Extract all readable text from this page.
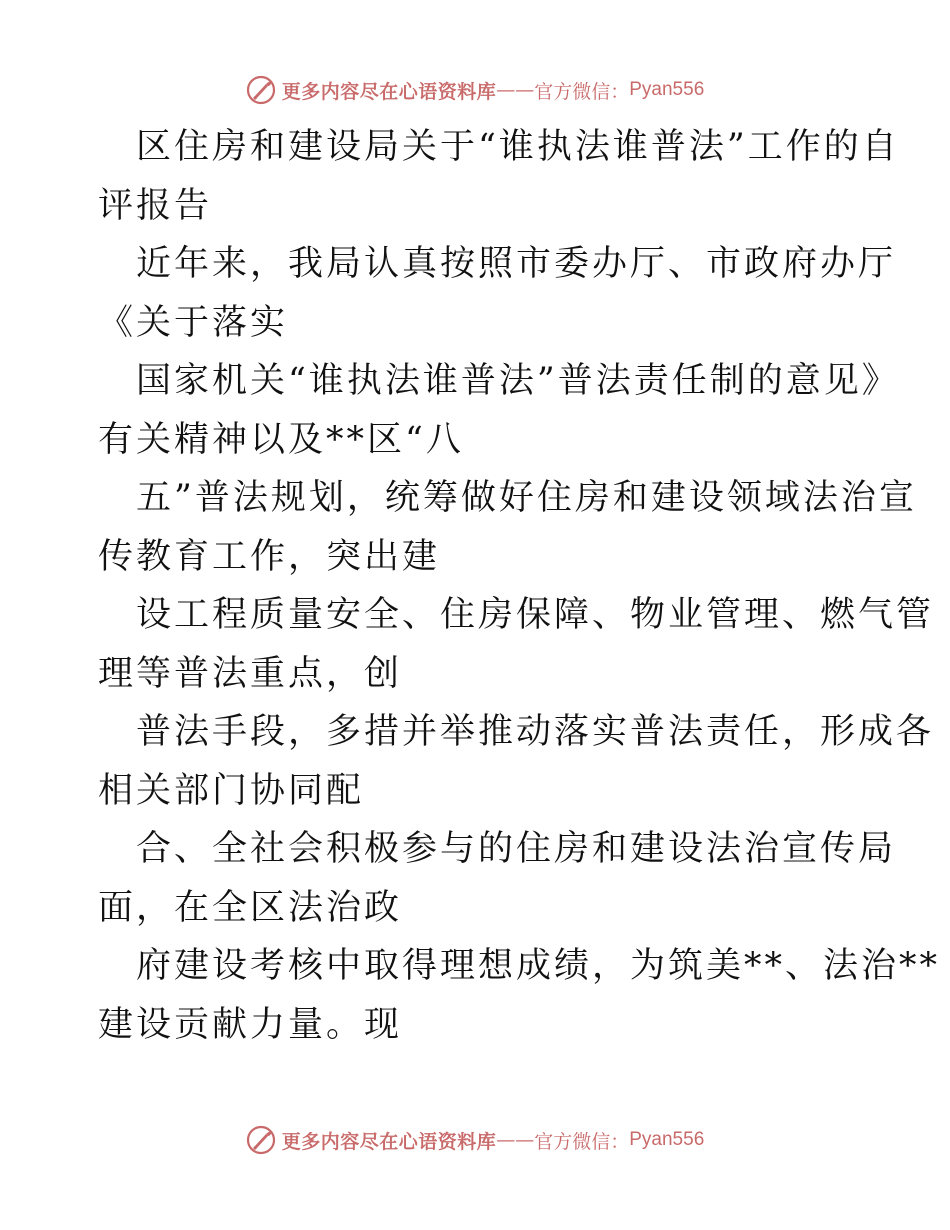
更多内容尽在心语资料库 —— 官方微信： Pyan556
区住房和建设局关于“谁执法谁普法”工作的自
评报告
近年来，我局认真按照市委办厅、市政府办厅
《关于落实
国家机关“谁执法谁普法”普法责任制的意见》
有关精神以及**区“八
五”普法规划，统筹做好住房和建设领域法治宣
传教育工作，突出建
设工程质量安全、住房保障、物业管理、燃气管
理等普法重点，创
普法手段，多措并举推动落实普法责任，形成各
相关部门协同配
合、全社会积极参与的住房和建设法治宣传局
面，在全区法治政
府建设考核中取得理想成绩，为筑美**、法治**
建设贡献力量。现
更多内容尽在心语资料库 —— 官方微信： Pyan556
